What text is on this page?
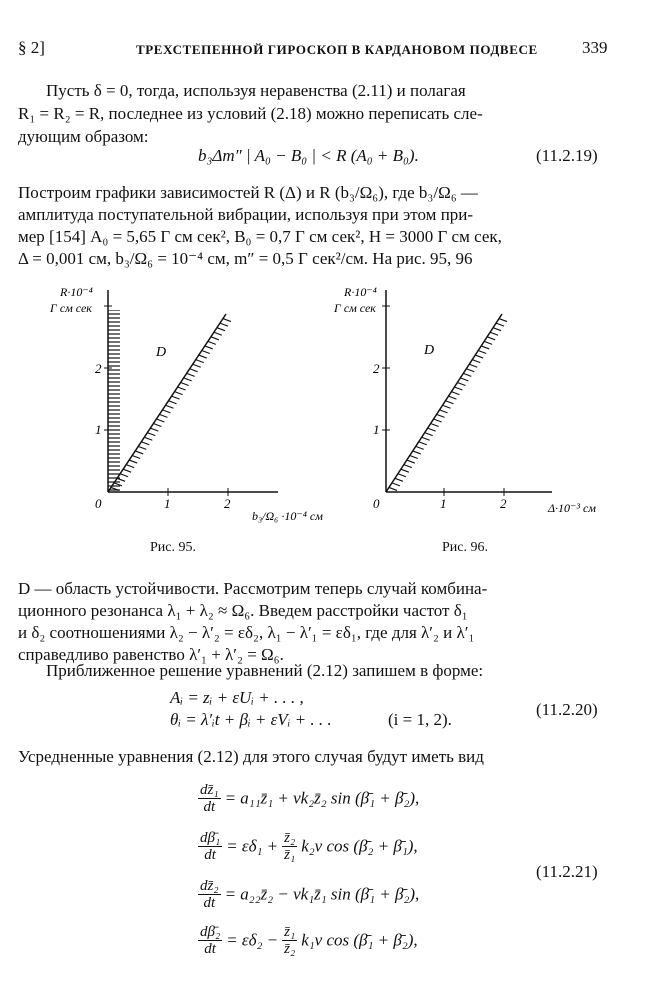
§ 2]	ТРЕХСТЕПЕННОЙ ГИРОСКОП В КАРДАНОВОМ ПОДВЕСЕ	339
Пусть δ = 0, тогда, используя неравенства (2.11) и полагая
R₁ = R₂ = R, последнее из условий (2.18) можно переписать сле-
дующим образом:
b₃Δm″ | A₀ − B₀ | < R (A₀ + B₀).	(11.2.19)
Построим графики зависимостей R (Δ) и R (b₃/Ω₆), где b₃/Ω₆ —
амплитуда поступательной вибрации, используя при этом при-
мер [154] A₀ = 5,65 Г см сек², B₀ = 0,7 Г см сек², H = 3000 Г см сек,
Δ = 0,001 см, b₃/Ω₆ = 10⁻⁴ см, m″ = 0,5 Г сек²/см. На рис. 95, 96
R·10⁻⁴
Г см сек
1
2
0	1	2
D
b₃/Ω₆ ·10⁻⁴ см
Рис. 95.
R·10⁻⁴
Г см сек
1
2
0	1	2
D
Δ·10⁻³ см
Рис. 96.
D — область устойчивости. Рассмотрим теперь случай комбина-
ционного резонанса λ₁ + λ₂ ≈ Ω₆. Введем расстройки частот δ₁
и δ₂ соотношениями λ₂ − λ′₂ = εδ₂, λ₁ − λ′₁ = εδ₁, где для λ′₂ и λ′₁
справедливо равенство λ′₁ + λ′₂ = Ω₆.
Приближенное решение уравнений (2.12) запишем в форме:
Aᵢ = zᵢ + εUᵢ + . . . ,
θᵢ = λ′ᵢt + βᵢ + εVᵢ + . . .	(i = 1, 2).
(11.2.20)
Усредненные уравнения (2.12) для этого случая будут иметь вид
$\frac{\text{dz̄₁}}{dt}$ = a₁₁z̄₁ + νk₂z̄₂ sin (β̄₁ + β̄₂),
$\frac{\text{dβ̄₁}}{dt} = \varepsilon\delta_1 + \frac{\text{z̄₂}}{\text{z̄₁}} k_2\nu$ cos (β̄₂ + β̄₁),
$\frac{\text{dz̄₂}}{dt}$ = a₂₂z̄₂ − νk₁z̄₁ sin (β̄₁ + β̄₂),
$\frac{\text{dβ̄₂}}{dt} = \varepsilon\delta_2 - \frac{\text{z̄₁}}{\text{z̄₂}} k_1\nu$ cos (β̄₁ + β̄₂),
(11.2.21)
